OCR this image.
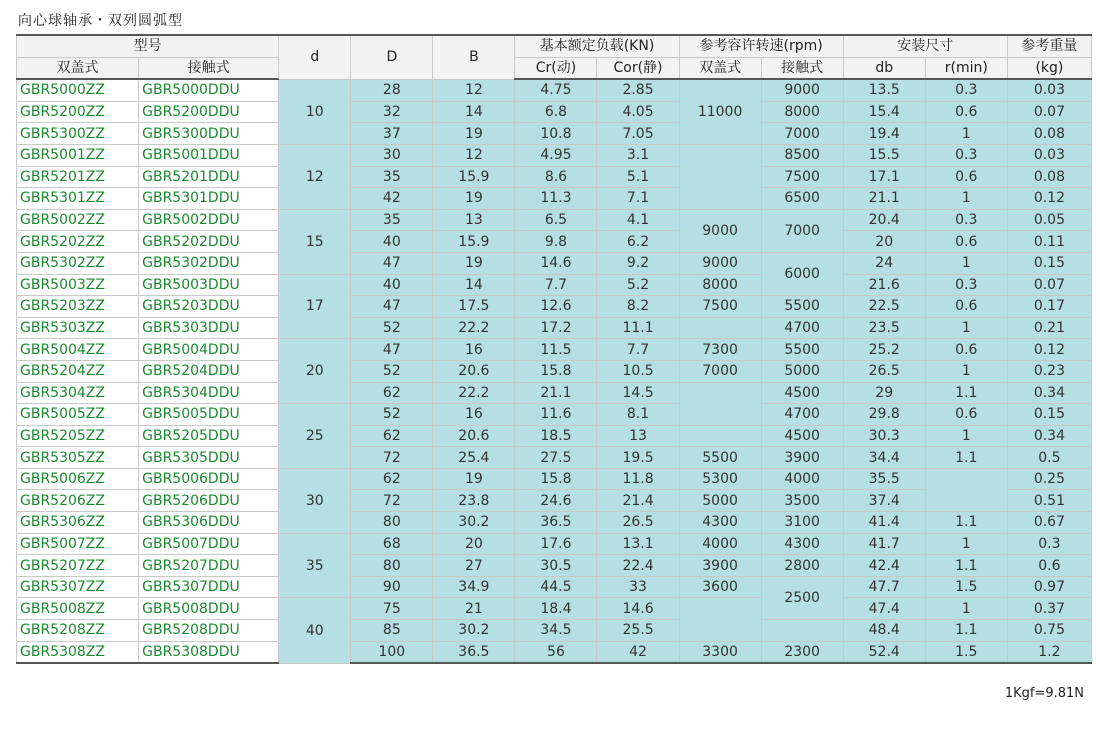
向心球轴承・双列圆弧型
型号		d	D	B	基本额定负载(KN)		参考容许转速(rpm)		安装尺寸		参考重量
双盖式	接触式				Cr(动)	Cor(静)	双盖式	接触式	db	r(min)	(kg)
GBR5000ZZ	GBR5000DDU	10	28	12	4.75	2.85	11000	9000	13.5	0.3	0.03
GBR5200ZZ	GBR5200DDU		32	14	6.8	4.05		8000	15.4	0.6	0.07
GBR5300ZZ	GBR5300DDU		37	19	10.8	7.05		7000	19.4	1	0.08
GBR5001ZZ	GBR5001DDU	12	30	12	4.95	3.1		8500	15.5	0.3	0.03
GBR5201ZZ	GBR5201DDU		35	15.9	8.6	5.1		7500	17.1	0.6	0.08
GBR5301ZZ	GBR5301DDU		42	19	11.3	7.1		6500	21.1	1	0.12
GBR5002ZZ	GBR5002DDU	15	35	13	6.5	4.1	9000	7000	20.4	0.3	0.05
GBR5202ZZ	GBR5202DDU		40	15.9	9.8	6.2			20	0.6	0.11
GBR5302ZZ	GBR5302DDU		47	19	14.6	9.2	9000	6000	24	1	0.15
GBR5003ZZ	GBR5003DDU	17	40	14	7.7	5.2	8000		21.6	0.3	0.07
GBR5203ZZ	GBR5203DDU		47	17.5	12.6	8.2	7500	5500	22.5	0.6	0.17
GBR5303ZZ	GBR5303DDU		52	22.2	17.2	11.1		4700	23.5	1	0.21
GBR5004ZZ	GBR5004DDU	20	47	16	11.5	7.7	7300	5500	25.2	0.6	0.12
GBR5204ZZ	GBR5204DDU		52	20.6	15.8	10.5	7000	5000	26.5	1	0.23
GBR5304ZZ	GBR5304DDU		62	22.2	21.1	14.5		4500	29	1.1	0.34
GBR5005ZZ	GBR5005DDU	25	52	16	11.6	8.1		4700	29.8	0.6	0.15
GBR5205ZZ	GBR5205DDU		62	20.6	18.5	13		4500	30.3	1	0.34
GBR5305ZZ	GBR5305DDU		72	25.4	27.5	19.5	5500	3900	34.4	1.1	0.5
GBR5006ZZ	GBR5006DDU	30	62	19	15.8	11.8	5300	4000	35.5		0.25
GBR5206ZZ	GBR5206DDU		72	23.8	24.6	21.4	5000	3500	37.4		0.51
GBR5306ZZ	GBR5306DDU		80	30.2	36.5	26.5	4300	3100	41.4	1.1	0.67
GBR5007ZZ	GBR5007DDU	35	68	20	17.6	13.1	4000	4300	41.7	1	0.3
GBR5207ZZ	GBR5207DDU		80	27	30.5	22.4	3900	2800	42.4	1.1	0.6
GBR5307ZZ	GBR5307DDU		90	34.9	44.5	33	3600	2500	47.7	1.5	0.97
GBR5008ZZ	GBR5008DDU	40	75	21	18.4	14.6			47.4	1	0.37
GBR5208ZZ	GBR5208DDU		85	30.2	34.5	25.5			48.4	1.1	0.75
GBR5308ZZ	GBR5308DDU		100	36.5	56	42	3300	2300	52.4	1.5	1.2
1Kgf=9.81N
